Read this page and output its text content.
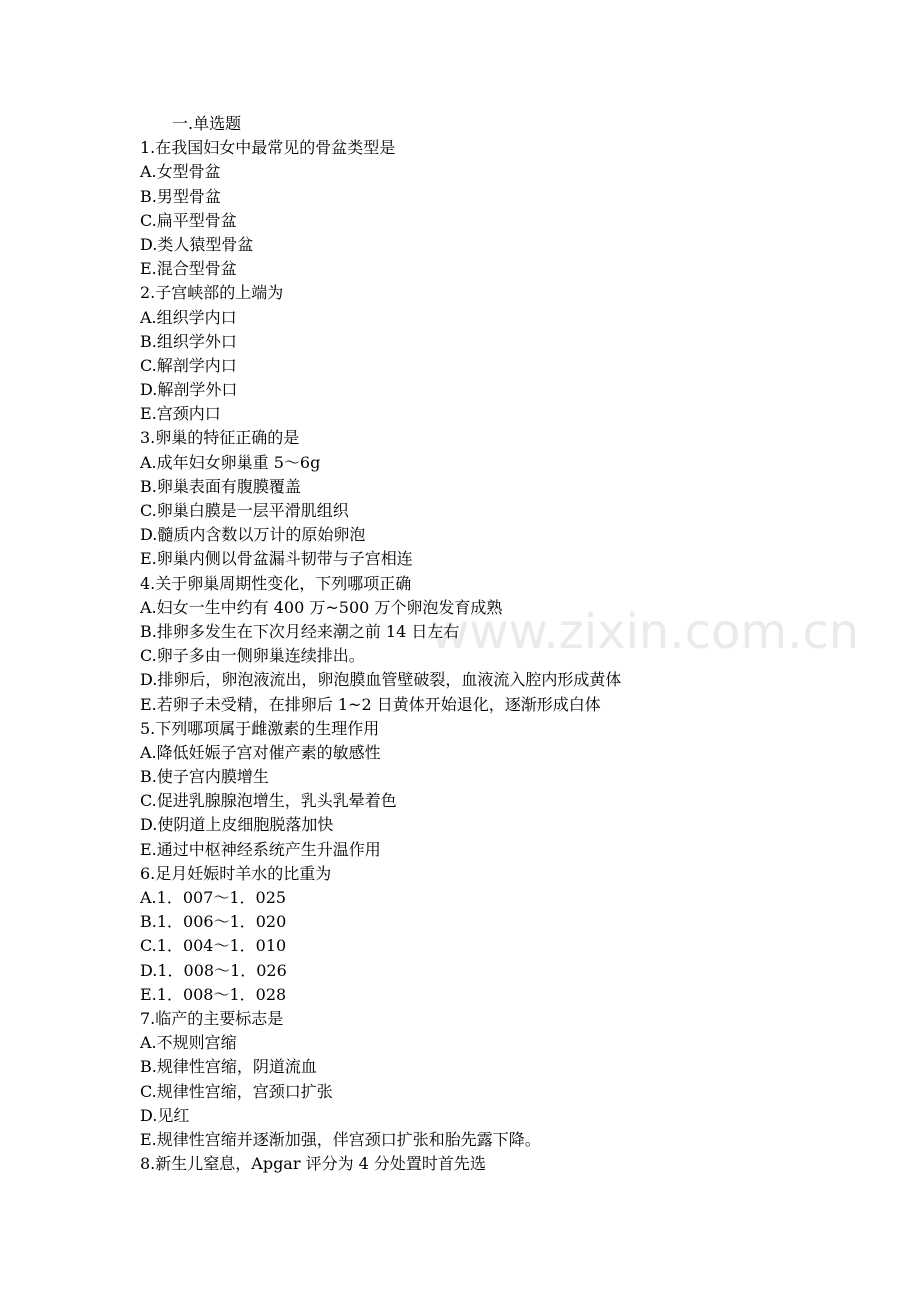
www.zixin.com.cn
一.单选题
1.在我国妇女中最常见的骨盆类型是
A.女型骨盆
B.男型骨盆
C.扁平型骨盆
D.类人猿型骨盆
E.混合型骨盆
2.子宫峡部的上端为
A.组织学内口
B.组织学外口
C.解剖学内口
D.解剖学外口
E.宫颈内口
3.卵巢的特征正确的是
A.成年妇女卵巢重 5～6g
B.卵巢表面有腹膜覆盖
C.卵巢白膜是一层平滑肌组织
D.髓质内含数以万计的原始卵泡
E.卵巢内侧以骨盆漏斗韧带与子宫相连
4.关于卵巢周期性变化，下列哪项正确
A.妇女一生中约有 400 万~500 万个卵泡发育成熟
B.排卵多发生在下次月经来潮之前 14 日左右
C.卵子多由一侧卵巢连续排出。
D.排卵后，卵泡液流出，卵泡膜血管壁破裂，血液流入腔内形成黄体
E.若卵子未受精，在排卵后 1~2 日黄体开始退化，逐渐形成白体
5.下列哪项属于雌激素的生理作用
A.降低妊娠子宫对催产素的敏感性
B.使子宫内膜增生
C.促进乳腺腺泡增生，乳头乳晕着色
D.使阴道上皮细胞脱落加快
E.通过中枢神经系统产生升温作用
6.足月妊娠时羊水的比重为
A.1．007～1．025
B.1．006～1．020
C.1．004～1．010
D.1．008～1．026
E.1．008～1．028
7.临产的主要标志是
A.不规则宫缩
B.规律性宫缩，阴道流血
C.规律性宫缩，宫颈口扩张
D.见红
E.规律性宫缩并逐渐加强，伴宫颈口扩张和胎先露下降。
8.新生儿窒息，Apgar 评分为 4 分处置时首先选
